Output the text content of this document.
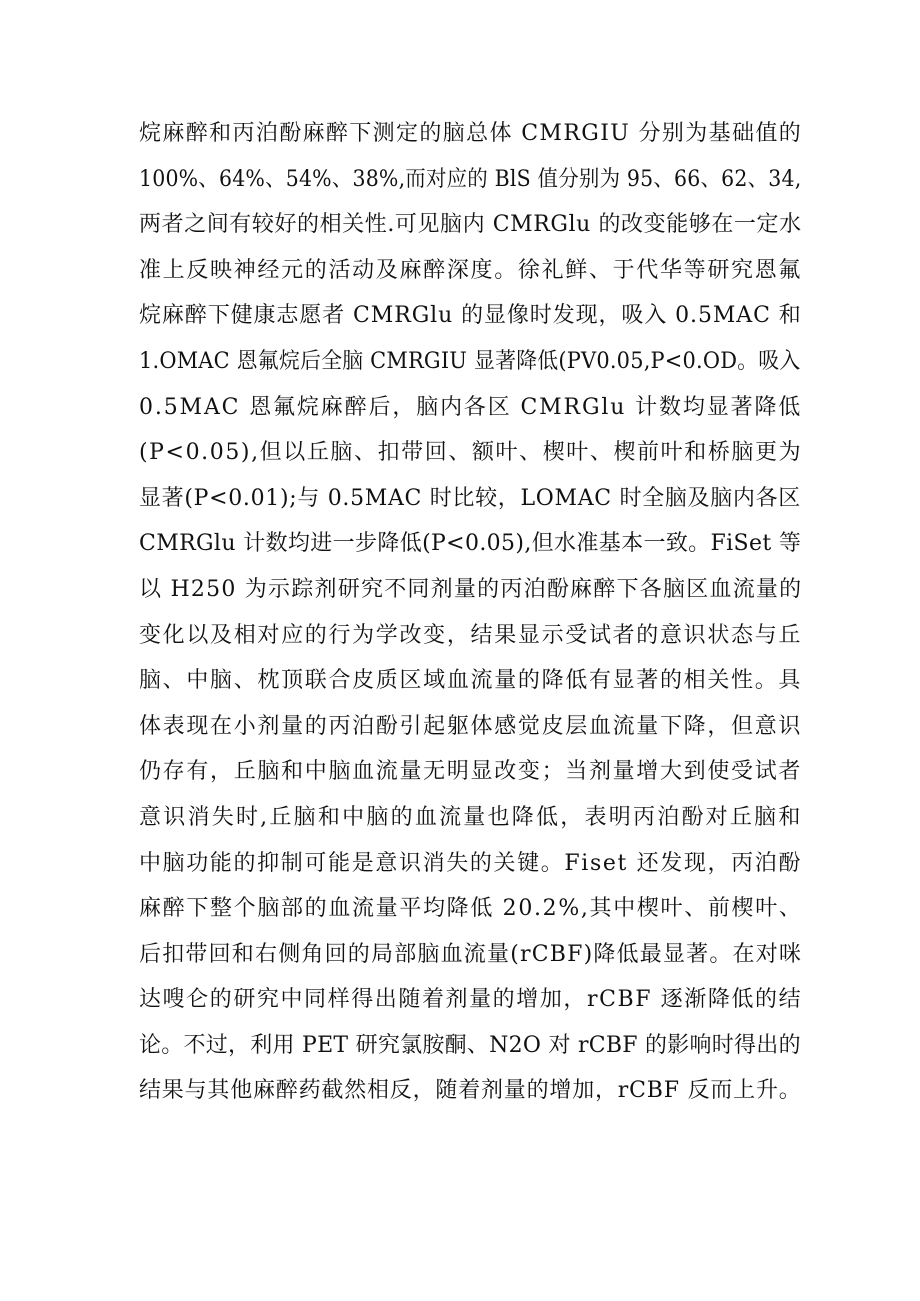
烷麻醉和丙泊酚麻醉下测定的脑总体 CMRGIU 分别为基础值的
100%、64%、54%、38%,而对应的 BlS 值分别为 95、66、62、34,
两者之间有较好的相关性.可见脑内 CMRGlu 的改变能够在一定水
准上反映神经元的活动及麻醉深度。徐礼鲜、于代华等研究恩氟
烷麻醉下健康志愿者 CMRGlu 的显像时发现，吸入 0.5MAC 和
1.OMAC 恩氟烷后全脑 CMRGIU 显著降低(PV0.05,P<0.OD。吸入
0.5MAC 恩氟烷麻醉后，脑内各区 CMRGlu 计数均显著降低
(P<0.05),但以丘脑、扣带回、额叶、楔叶、楔前叶和桥脑更为
显著(P<0.01);与 0.5MAC 时比较，LOMAC 时全脑及脑内各区
CMRGlu 计数均进一步降低(P<0.05),但水准基本一致。FiSet 等
以 H250 为示踪剂研究不同剂量的丙泊酚麻醉下各脑区血流量的
变化以及相对应的行为学改变，结果显示受试者的意识状态与丘
脑、中脑、枕顶联合皮质区域血流量的降低有显著的相关性。具
体表现在小剂量的丙泊酚引起躯体感觉皮层血流量下降，但意识
仍存有，丘脑和中脑血流量无明显改变；当剂量增大到使受试者
意识消失时,丘脑和中脑的血流量也降低，表明丙泊酚对丘脑和
中脑功能的抑制可能是意识消失的关键。Fiset 还发现，丙泊酚
麻醉下整个脑部的血流量平均降低 20.2%,其中楔叶、前楔叶、
后扣带回和右侧角回的局部脑血流量(rCBF)降低最显著。在对咪
达嗖仑的研究中同样得出随着剂量的增加，rCBF 逐渐降低的结
论。不过，利用 PET 研究氯胺酮、N2O 对 rCBF 的影响时得出的
结果与其他麻醉药截然相反，随着剂量的增加，rCBF 反而上升。
